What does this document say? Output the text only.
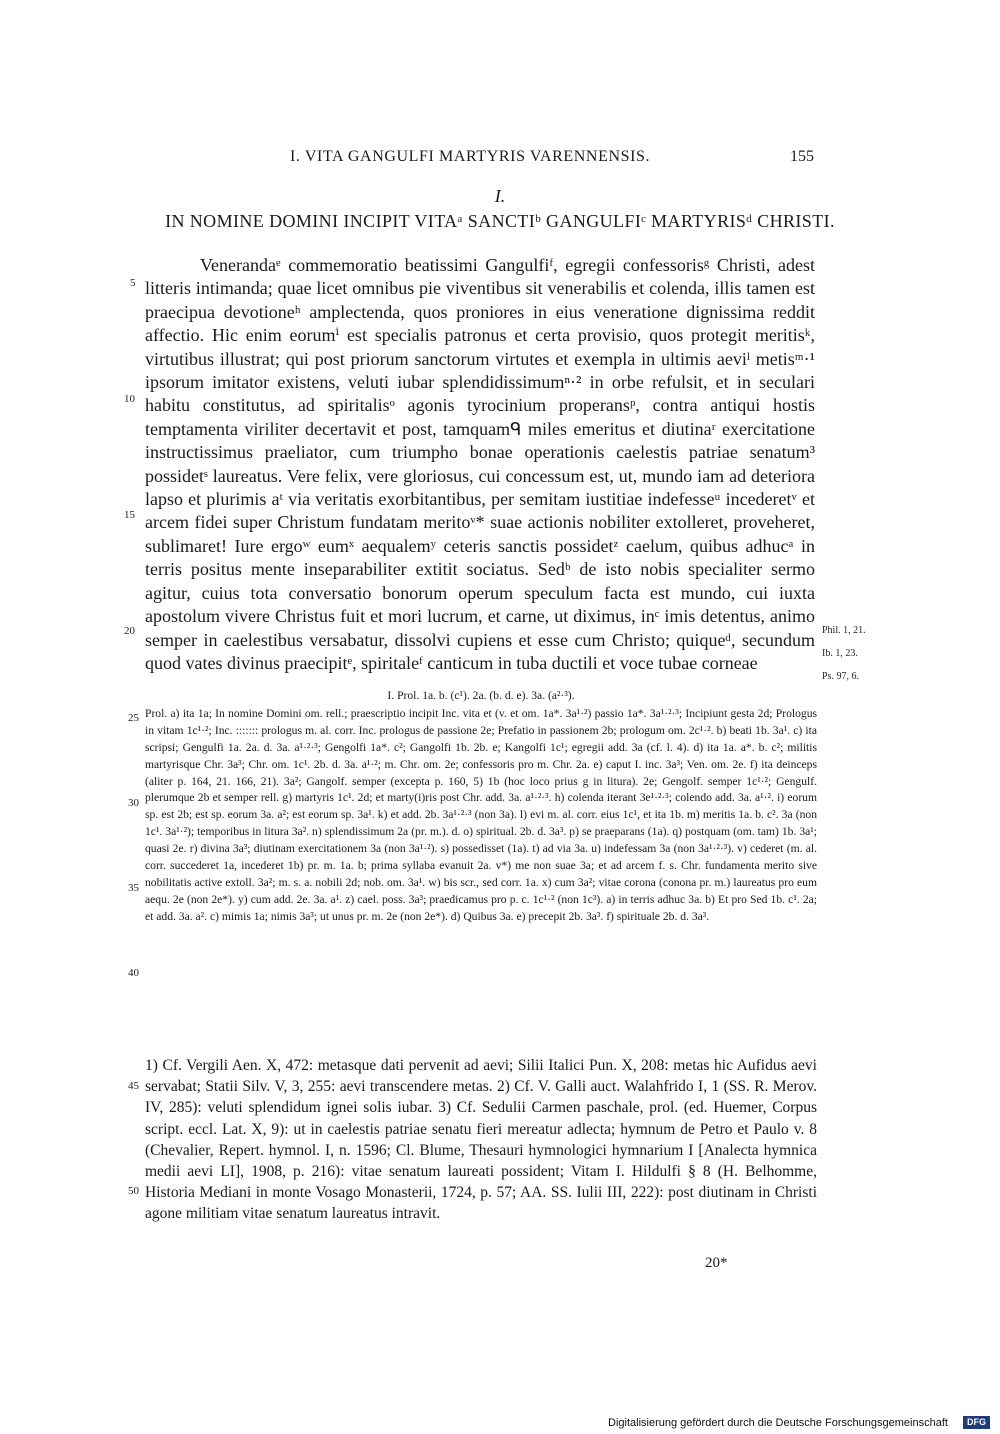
I. VITA GANGULFI MARTYRIS VARENNENSIS.	155
I.
IN NOMINE DOMINI INCIPIT VITAᵃ SANCTIᵇ GANGULFIᶜ MARTYRISᵈ CHRISTI.

Venerandaᵉ commemoratio beatissimi Gangulfiᶠ, egregii confessorisᵍ Christi, adest litteris intimanda; quae licet omnibus pie viventibus sit venerabilis et colenda, illis tamen est praecipua devotioneʰ amplectenda, quos proniores in eius veneratione dignissima reddit affectio. Hic enim eorumⁱ est specialis patronus et certa provisio, quos protegit meritisᵏ, virtutibus illustrat; qui post priorum sanctorum virtutes et exempla in ultimis aeviˡ metisᵐ·¹ ipsorum imitator existens, veluti iubar splendidissimumⁿ·² in orbe refulsit, et in seculari habitu constitutus, ad spiritalisᵒ agonis tyrocinium properansᵖ, contra antiqui hostis temptamenta viriliter decertavit et post, tamquamᑫ miles emeritus et diutinaʳ exercitatione instructissimus praeliator, cum triumpho bonae operationis caelestis patriae senatum³ possidetˢ laureatus. Vere felix, vere gloriosus, cui concessum est, ut, mundo iam ad deteriora lapso et plurimis aᵗ via veritatis exorbitantibus, per semitam iustitiae indefesseᵘ incederetᵛ et arcem fidei super Christum fundatam meritoᵛ* suae actionis nobiliter extolleret, proveheret, sublimaret! Iure ergoʷ eumˣ aequalemʸ ceteris sanctis possidetᶻ caelum, quibus adhucᵃ in terris positus mente inseparabiliter extitit sociatus. Sedᵇ de isto nobis specialiter sermo agitur, cuius tota conversatio bonorum operum speculum facta est mundo, cui iuxta apostolum vivere Christus fuit et mori lucrum, et carne, ut diximus, inᶜ imis detentus, animo semper in caelestibus versabatur, dissolvi cupiens et esse cum Christo; quiqueᵈ, secundum quod vates divinus praecipitᵉ, spiritaleᶠ canticum in tuba ductili et voce tubae corneae

5
10
15
20	Phil. 1, 21.
Ib. 1, 23.
Ps. 97, 6.
I. Prol. 1a. b. (c¹). 2a. (b. d. e). 3a. (a²·³).
Prol. a) ita 1a; In nomine Domini om. rell.; praescriptio incipit Inc. vita et (v. et om. 1a*. 3a¹·²) passio 1a*. 3a¹·²·³; Incipiunt gesta 2d; Prologus in vitam 1c¹·²; Inc. ::::::: prologus m. al. corr. Inc. prologus de passione 2e; Prefatio in passionem 2b; prologum om. 2c¹·². b) beati 1b. 3a¹. c) ita scripsi; Gengulfi 1a. 2a. d. 3a. a¹·²·³; Gengolfi 1a*. c²; Gangolfi 1b. 2b. e; Kangolfi 1c¹; egregii add. 3a (cf. l. 4). d) ita 1a. a*. b. c²; militis martyrisque Chr. 3a³; Chr. om. 1c¹. 2b. d. 3a. a¹·²; m. Chr. om. 2e; confessoris pro m. Chr. 2a. e) caput I. inc. 3a³; Ven. om. 2e. f) ita deinceps (aliter p. 164, 21. 166, 21). 3a²; Gangolf. semper (excepta p. 160, 5) 1b (hoc loco prius g in litura). 2e; Gengolf. semper 1c¹·²; Gengulf. plerumque 2b et semper rell. g) martyris 1c¹. 2d; et marty(i)ris post Chr. add. 3a. a¹·²·³. h) colenda iterant 3e¹·²·³; colendo add. 3a. a¹·². i) eorum sp. est 2b; est sp. eorum 3a. a²; est eorum sp. 3a¹. k) et add. 2b. 3a¹·²·³ (non 3a). l) evi m. al. corr. eius 1c¹, et ita 1b. m) meritis 1a. b. c². 3a (non 1c¹. 3a¹·²); temporibus in litura 3a². n) splendissimum 2a (pr. m.). d. o) spiritual. 2b. d. 3a³. p) se praeparans (1a). q) postquam (om. tam) 1b. 3a¹; quasi 2e. r) divina 3a³; diutinam exercitationem 3a (non 3a¹·²). s) possedisset (1a). t) ad via 3a. u) indefessam 3a (non 3a¹·²·³). v) cederet (m. al. corr. succederet 1a, incederet 1b) pr. m. 1a. b; prima syllaba evanuit 2a. v*) me non suae 3a; et ad arcem f. s. Chr. fundamenta merito sive nobilitatis active extoll. 3a²; m. s. a. nobili 2d; nob. om. 3a¹. w) bis scr., sed corr. 1a. x) cum 3a²; vitae corona (conona pr. m.) laureatus pro eum aequ. 2e (non 2e*). y) cum add. 2e. 3a. a¹. z) cael. poss. 3a³; praedicamus pro p. c. 1c¹·² (non 1c³). a) in terris adhuc 3a. b) Et pro Sed 1b. c¹. 2a; et add. 3a. a². c) mimis 1a; nimis 3a³; ut unus pr. m. 2e (non 2e*). d) Quibus 3a. e) precepit 2b. 3a³. f) spirituale 2b. d. 3a³.
25
30
35
40
1) Cf. Vergili Aen. X, 472: metasque dati pervenit ad aevi; Silii Italici Pun. X, 208: metas hic Aufidus aevi servabat; Statii Silv. V, 3, 255: aevi transcendere metas. 2) Cf. V. Galli auct. Walahfrido I, 1 (SS. R. Merov. IV, 285): veluti splendidum ignei solis iubar. 3) Cf. Sedulii Carmen paschale, prol. (ed. Huemer, Corpus script. eccl. Lat. X, 9): ut in caelestis patriae senatu fieri mereatur adlecta; hymnum de Petro et Paulo v. 8 (Chevalier, Repert. hymnol. I, n. 1596; Cl. Blume, Thesauri hymnologici hymnarium I [Analecta hymnica medii aevi LI], 1908, p. 216): vitae senatum laureati possident; Vitam I. Hildulfi § 8 (H. Belhomme, Historia Mediani in monte Vosago Monasterii, 1724, p. 57; AA. SS. Iulii III, 222): post diutinam in Christi agone militiam vitae senatum laureatus intravit.
45
50
20*
Digitalisierung gefördert durch die Deutsche Forschungsgemeinschaft	DFG
